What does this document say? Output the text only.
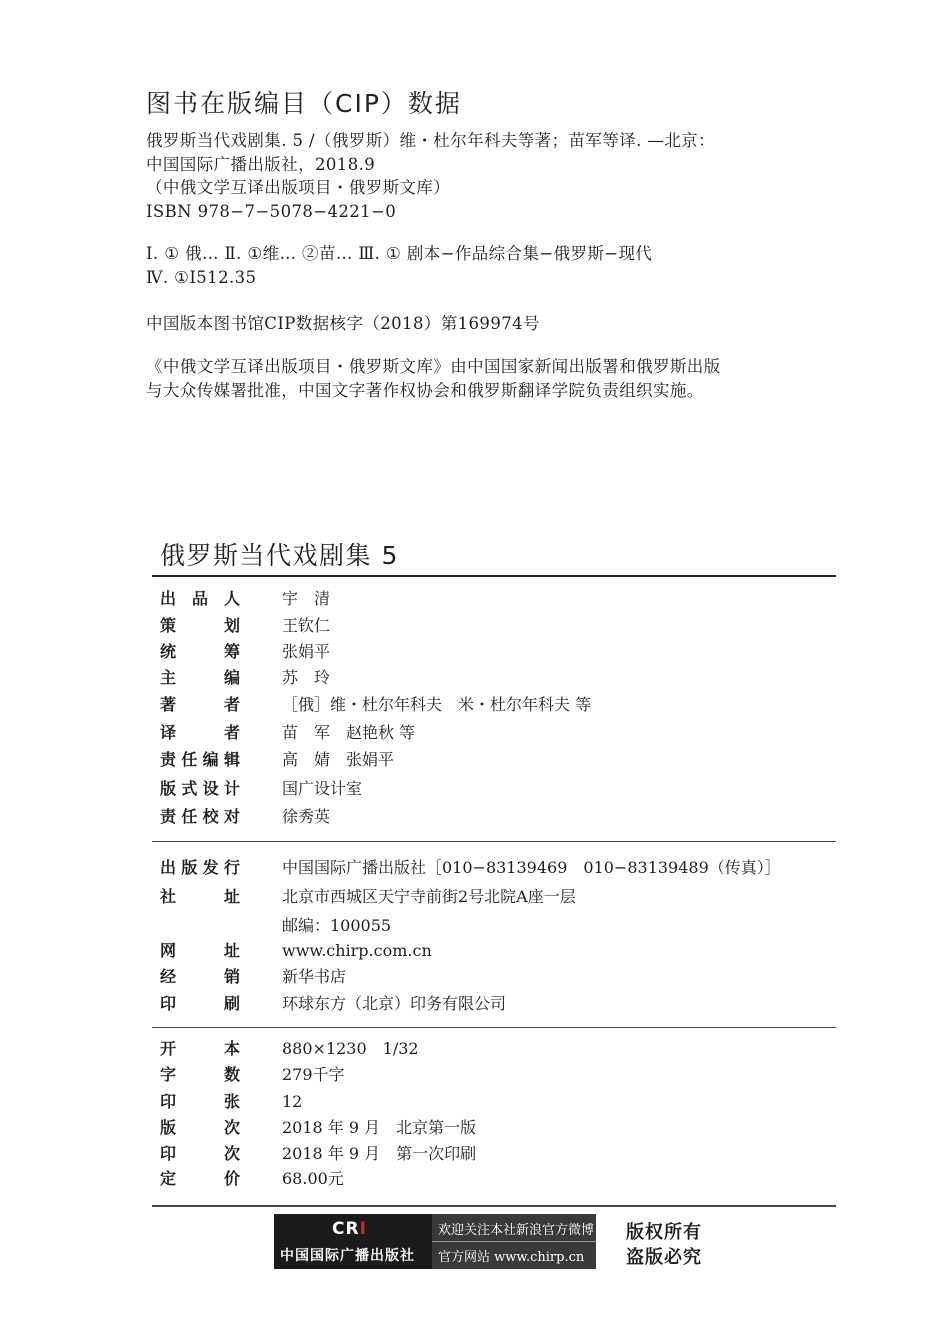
图书在版编目（CIP）数据
俄罗斯当代戏剧集. 5 /（俄罗斯）维・杜尔年科夫等著；苗军等译. —北京：
中国国际广播出版社，2018.9
（中俄文学互译出版项目・俄罗斯文库）
ISBN 978−7−5078−4221−0
Ⅰ. ① 俄… Ⅱ. ①维… ②苗… Ⅲ. ① 剧本−作品综合集−俄罗斯−现代
Ⅳ. ①I512.35
中国版本图书馆CIP数据核字（2018）第169974号
《中俄文学互译出版项目・俄罗斯文库》由中国国家新闻出版署和俄罗斯出版
与大众传媒署批准，中国文字著作权协会和俄罗斯翻译学院负责组织实施。
俄罗斯当代戏剧集 5
出品人	宇　清
策划	王钦仁
统筹	张娟平
主编	苏　玲
著者	［俄］维・杜尔年科夫　米・杜尔年科夫 等
译者	苗　军　赵艳秋 等
责任编辑	高　婧　张娟平
版式设计	国广设计室
责任校对	徐秀英
出版发行	中国国际广播出版社［010−83139469　010−83139489（传真）］
社址	北京市西城区天宁寺前街2号北院A座一层
邮编：100055
网址	www.chirp.com.cn
经销	新华书店
印刷	环球东方（北京）印务有限公司
开本	880×1230　1/32
字数	279千字
印张	12
版次	2018 年 9 月　北京第一版
印次	2018 年 9 月　第一次印刷
定价	68.00元
CRI
中国国际广播出版社
欢迎关注本社新浪官方微博
官方网站 www.chirp.cn
版权所有
盗版必究
